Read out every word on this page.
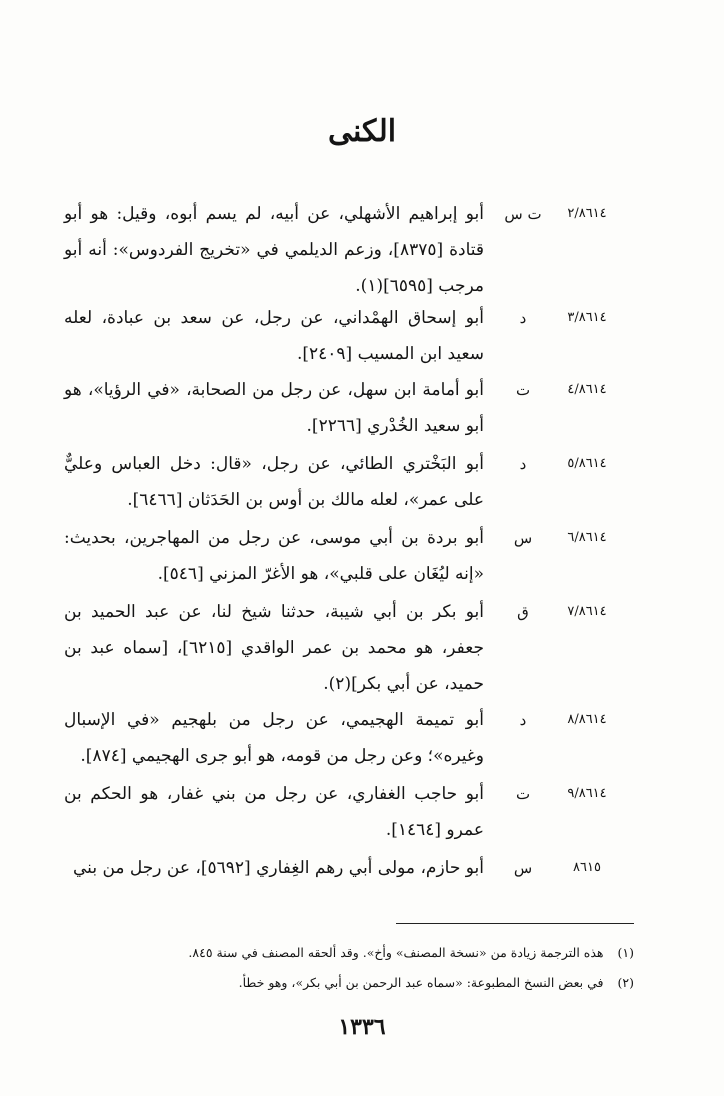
الكنى
٢/٨٦١٤
ت س
أبو إبراهيم الأشهلي، عن أبيه، لم يسم أبوه، وقيل: هو أبو قتادة [٨٣٧٥]، وزعم الديلمي في «تخريج الفردوس»: أنه أبو مرجب [٦٥٩٥](١).
٣/٨٦١٤
د
أبو إسحاق الهمْداني، عن رجل، عن سعد بن عبادة، لعله سعيد ابن المسيب [٢٤٠٩].
٤/٨٦١٤
ت
أبو أمامة ابن سهل، عن رجل من الصحابة، «في الرؤيا»، هو أبو سعيد الخُدْري [٢٢٦٦].
٥/٨٦١٤
د
أبو البَخْتري الطائي، عن رجل، «قال: دخل العباس وعليٌّ على عمر»، لعله مالك بن أوس بن الحَدَثان [٦٤٦٦].
٦/٨٦١٤
س
أبو بردة بن أبي موسى، عن رجل من المهاجرين، بحديث: «إنه ليُغَان على قلبي»، هو الأغرّ المزني [٥٤٦].
٧/٨٦١٤
ق
أبو بكر بن أبي شيبة، حدثنا شيخ لنا، عن عبد الحميد بن جعفر، هو محمد بن عمر الواقدي [٦٢١٥]، [سماه عبد بن حميد، عن أبي بكر](٢).
٨/٨٦١٤
د
أبو تميمة الهجيمي، عن رجل من بلهجيم «في الإسبال وغيره»؛ وعن رجل من قومه، هو أبو جرى الهجيمي [٨٧٤].
٩/٨٦١٤
ت
أبو حاجب الغفاري، عن رجل من بني غفار، هو الحكم بن عمرو [١٤٦٤].
٨٦١٥
س
أبو حازم، مولى أبي رهم الغِفاري [٥٦٩٢]، عن رجل من بني
(١)هذه الترجمة زيادة من «نسخة المصنف» وأخ». وقد ألحقه المصنف في سنة ٨٤٥.
(٢)في بعض النسخ المطبوعة: «سماه عبد الرحمن بن أبي بكر»، وهو خطأ.
١٣٣٦
